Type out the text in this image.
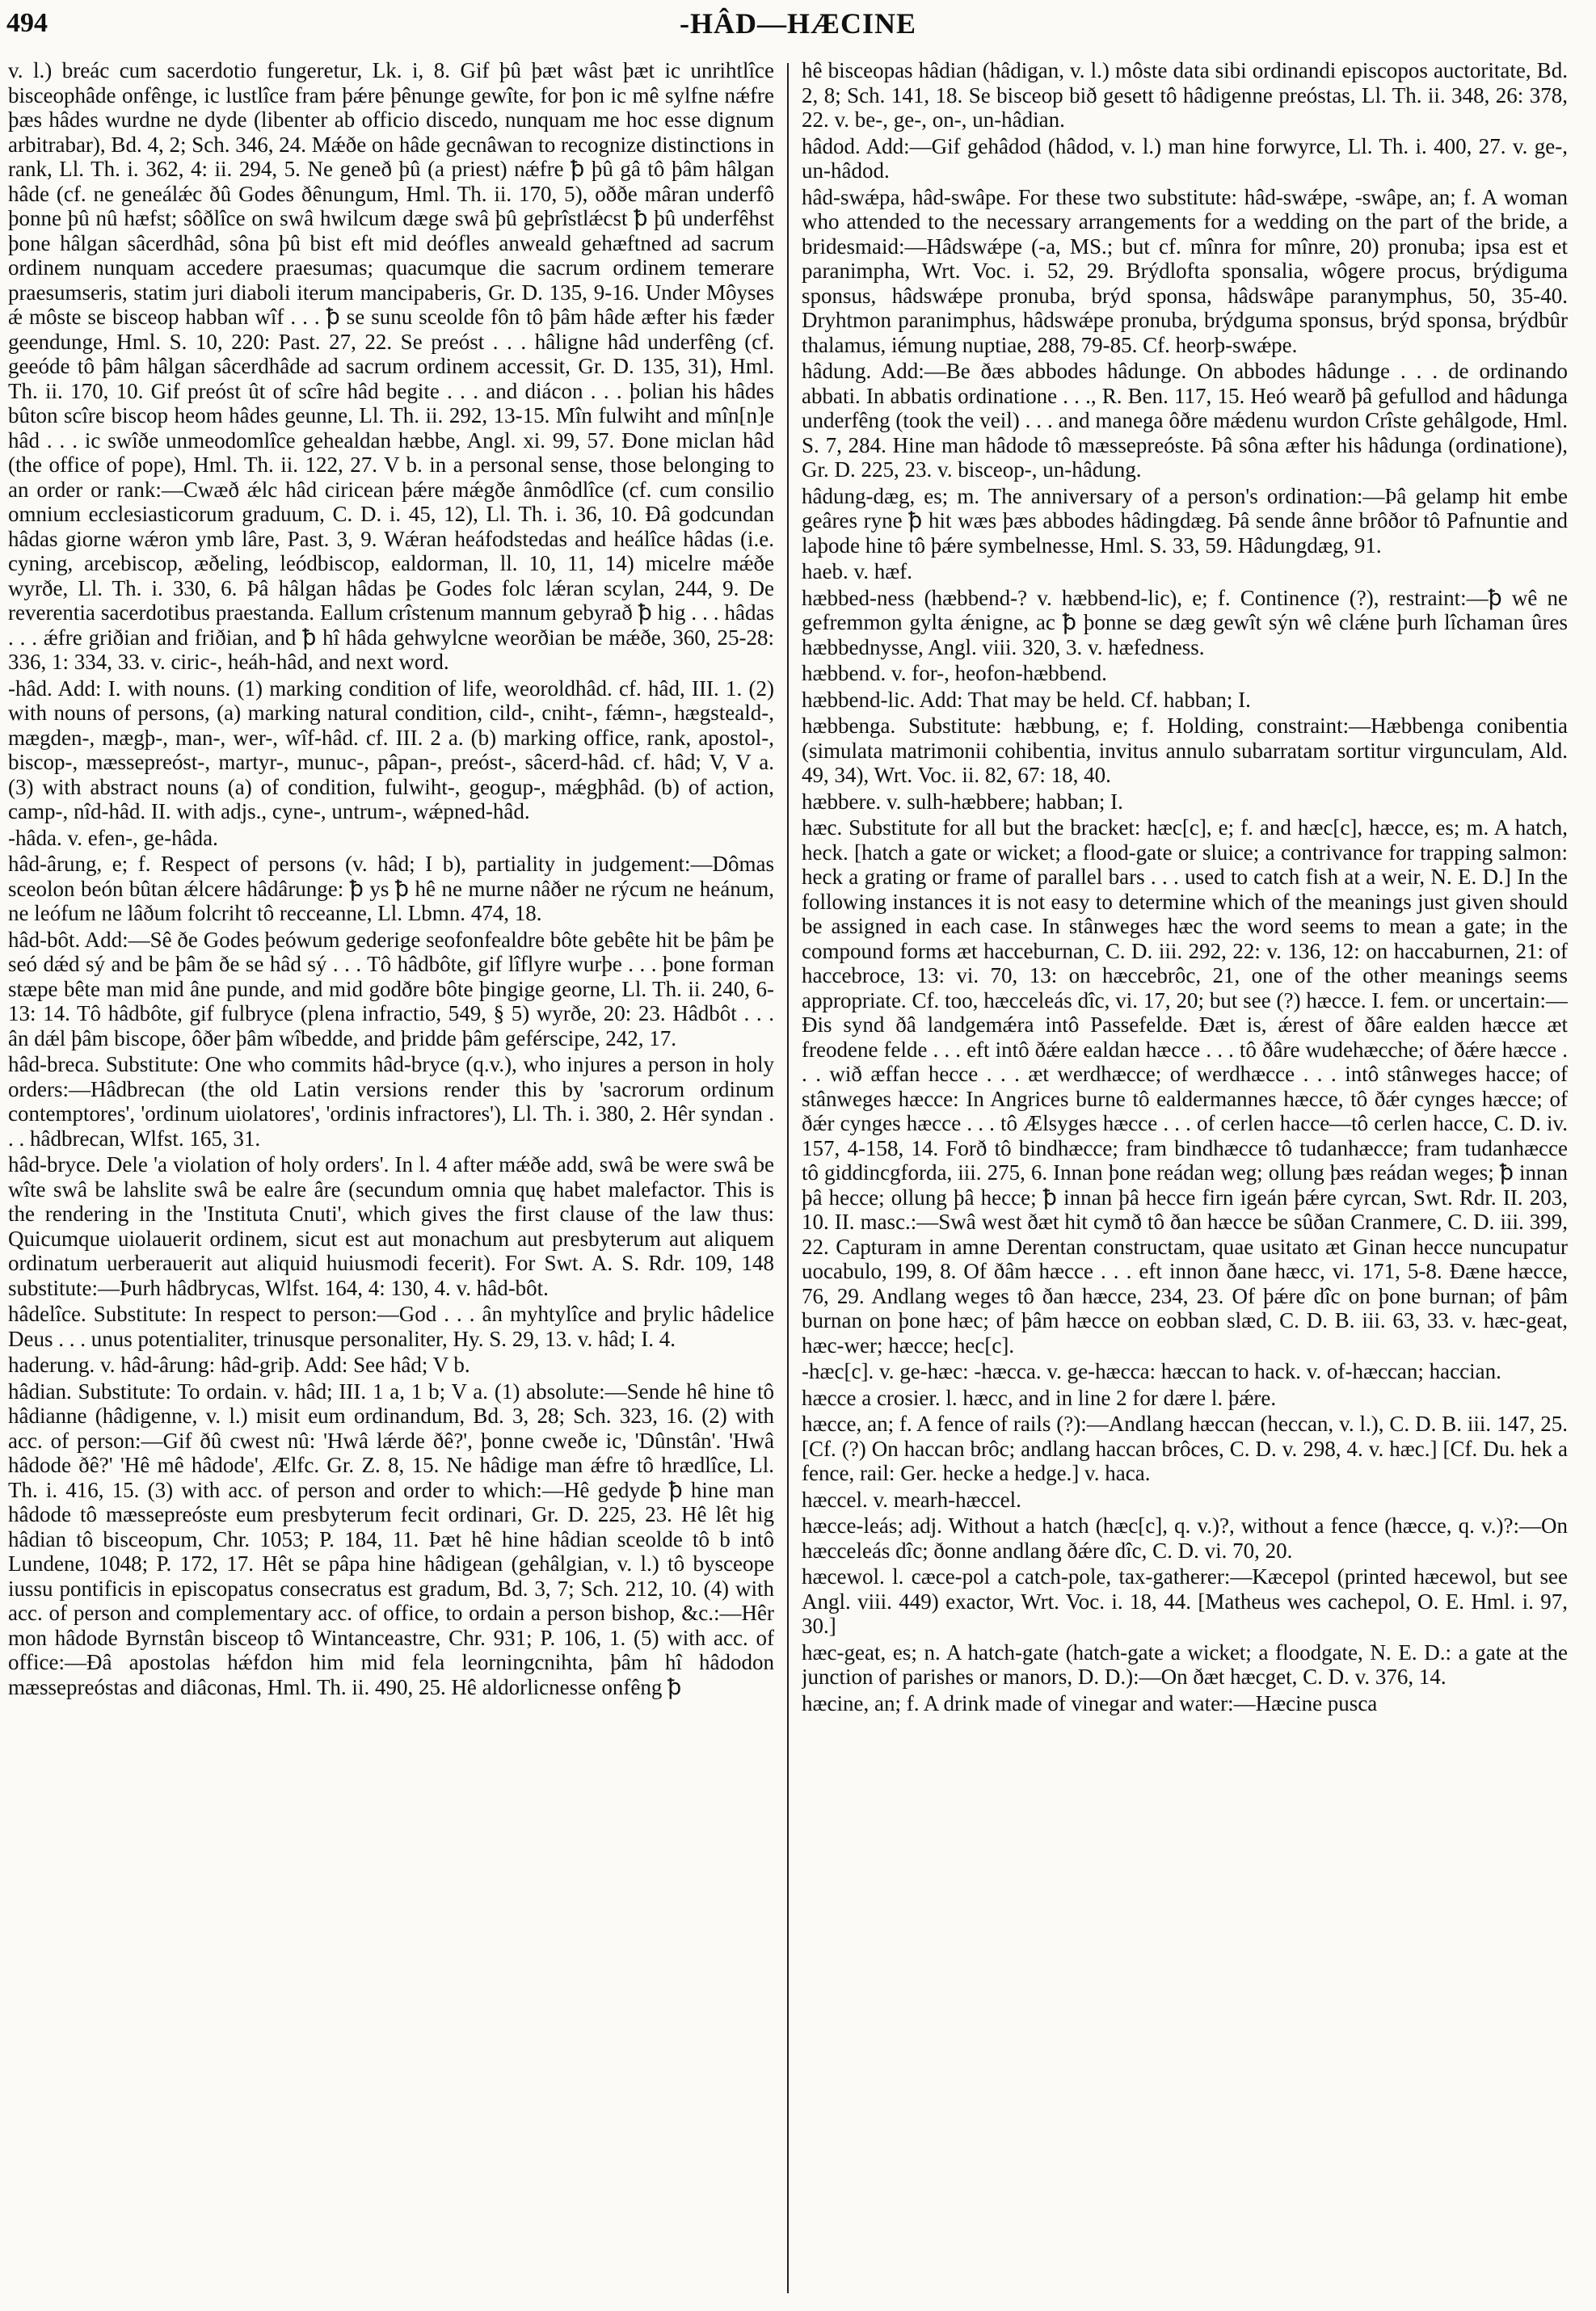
494	-HÂD—HÆCINE

v. l.) breác cum sacerdotio fungeretur, Lk. i, 8. Gif þû þæt wâst þæt ic unrihtlîce bisceophâde onfênge, ic lustlîce fram þǽre þênunge gewîte, for þon ic mê sylfne nǽfre þæs hâdes wurdne ne dyde (libenter ab officio discedo, nunquam me hoc esse dignum arbitrabar), Bd. 4, 2; Sch. 346, 24. Mǽðe on hâde gecnâwan to recognize distinctions in rank, Ll. Th. i. 362, 4: ii. 294, 5. Ne geneð þû (a priest) nǽfre ꝥ þû gâ tô þâm hâlgan hâde (cf. ne geneálǽc ðû Godes ðênungum, Hml. Th. ii. 170, 5), oððe mâran underfô þonne þû nû hæfst; sôðlîce on swâ hwilcum dæge swâ þû geþrîstlǽcst ꝥ þû underfêhst þone hâlgan sâcerdhâd, sôna þû bist eft mid deófles anweald gehæftned ad sacrum ordinem nunquam accedere praesumas; quacumque die sacrum ordinem temerare praesumseris, statim juri diaboli iterum mancipaberis, Gr. D. 135, 9-16. Under Môyses ǽ môste se bisceop habban wîf . . . ꝥ se sunu sceolde fôn tô þâm hâde æfter his fæder geendunge, Hml. S. 10, 220: Past. 27, 22. Se preóst . . . hâligne hâd underfêng (cf. geeóde tô þâm hâlgan sâcerdhâde ad sacrum ordinem accessit, Gr. D. 135, 31), Hml. Th. ii. 170, 10. Gif preóst ût of scîre hâd begite . . . and diácon . . . þolian his hâdes bûton scîre biscop heom hâdes geunne, Ll. Th. ii. 292, 13-15. Mîn fulwiht and mîn[n]e hâd . . . ic swîðe unmeodomlîce gehealdan hæbbe, Angl. xi. 99, 57. Ðone miclan hâd (the office of pope), Hml. Th. ii. 122, 27. V b. in a personal sense, those belonging to an order or rank:—Cwæð ǽlc hâd ciricean þǽre mǽgðe ânmôdlîce (cf. cum consilio omnium ecclesiasticorum graduum, C. D. i. 45, 12), Ll. Th. i. 36, 10. Ðâ godcundan hâdas giorne wǽron ymb lâre, Past. 3, 9. Wǽran heáfodstedas and heálîce hâdas (i.e. cyning, arcebiscop, æðeling, leódbiscop, ealdorman, ll. 10, 11, 14) micelre mǽðe wyrðe, Ll. Th. i. 330, 6. Þâ hâlgan hâdas þe Godes folc lǽran scylan, 244, 9. De reverentia sacerdotibus praestanda. Eallum crîstenum mannum gebyrað ꝥ hig . . . hâdas . . . ǽfre griðian and friðian, and ꝥ hî hâda gehwylcne weorðian be mǽðe, 360, 25-28: 336, 1: 334, 33. v. ciric-, heáh-hâd, and next word.

-hâd. Add: I. with nouns. (1) marking condition of life, weoroldhâd. cf. hâd, III. 1. (2) with nouns of persons, (a) marking natural condition, cild-, cniht-, fǽmn-, hægsteald-, mægden-, mægþ-, man-, wer-, wîf-hâd. cf. III. 2 a. (b) marking office, rank, apostol-, biscop-, mæssepreóst-, martyr-, munuc-, pâpan-, preóst-, sâcerd-hâd. cf. hâd; V, V a. (3) with abstract nouns (a) of condition, fulwiht-, geogup-, mǽgþhâd. (b) of action, camp-, nîd-hâd. II. with adjs., cyne-, untrum-, wǽpned-hâd.

-hâda. v. efen-, ge-hâda.

hâd-ârung, e; f. Respect of persons (v. hâd; I b), partiality in judgement:—Dômas sceolon beón bûtan ǽlcere hâdârunge: ꝥ ys ꝥ hê ne murne nâðer ne rýcum ne heánum, ne leófum ne lâðum folcriht tô recceanne, Ll. Lbmn. 474, 18.

hâd-bôt. Add:—Sê ðe Godes þeówum gederige seofonfealdre bôte gebête hit be þâm þe seó dǽd sý and be þâm ðe se hâd sý . . . Tô hâdbôte, gif lîflyre wurþe . . . þone forman stæpe bête man mid âne punde, and mid godðre bôte þingige georne, Ll. Th. ii. 240, 6-13: 14. Tô hâdbôte, gif fulbryce (plena infractio, 549, § 5) wyrðe, 20: 23. Hâdbôt . . . ân dǽl þâm biscope, ôðer þâm wîbedde, and þridde þâm geférscipe, 242, 17.

hâd-breca. Substitute: One who commits hâd-bryce (q.v.), who injures a person in holy orders:—Hâdbrecan (the old Latin versions render this by 'sacrorum ordinum contemptores', 'ordinum uiolatores', 'ordinis infractores'), Ll. Th. i. 380, 2. Hêr syndan . . . hâdbrecan, Wlfst. 165, 31.

hâd-bryce. Dele 'a violation of holy orders'. In l. 4 after mǽðe add, swâ be were swâ be wîte swâ be lahslite swâ be ealre âre (secundum omnia quę habet malefactor. This is the rendering in the 'Instituta Cnuti', which gives the first clause of the law thus: Quicumque uiolauerit ordinem, sicut est aut monachum aut presbyterum aut aliquem ordinatum uerberauerit aut aliquid huiusmodi fecerit). For Swt. A. S. Rdr. 109, 148 substitute:—Þurh hâdbrycas, Wlfst. 164, 4: 130, 4. v. hâd-bôt.

hâdelîce. Substitute: In respect to person:—God . . . ân myhtylîce and þrylic hâdelice Deus . . . unus potentialiter, trinusque personaliter, Hy. S. 29, 13. v. hâd; I. 4.

haderung. v. hâd-ârung: hâd-griþ. Add: See hâd; V b.

hâdian. Substitute: To ordain. v. hâd; III. 1 a, 1 b; V a. (1) absolute:—Sende hê hine tô hâdianne (hâdigenne, v. l.) misit eum ordinandum, Bd. 3, 28; Sch. 323, 16. (2) with acc. of person:—Gif ðû cwest nû: 'Hwâ lǽrde ðê?', þonne cweðe ic, 'Dûnstân'. 'Hwâ hâdode ðê?' 'Hê mê hâdode', Ælfc. Gr. Z. 8, 15. Ne hâdige man ǽfre tô hrædlîce, Ll. Th. i. 416, 15. (3) with acc. of person and order to which:—Hê gedyde ꝥ hine man hâdode tô mæssepreóste eum presbyterum fecit ordinari, Gr. D. 225, 23. Hê lêt hig hâdian tô bisceopum, Chr. 1053; P. 184, 11. Þæt hê hine hâdian sceolde tô b intô Lundene, 1048; P. 172, 17. Hêt se pâpa hine hâdigean (gehâlgian, v. l.) tô bysceope iussu pontificis in episcopatus consecratus est gradum, Bd. 3, 7; Sch. 212, 10. (4) with acc. of person and complementary acc. of office, to ordain a person bishop, &c.:—Hêr mon hâdode Byrnstân bisceop tô Wintanceastre, Chr. 931; P. 106, 1. (5) with acc. of office:—Ðâ apostolas hǽfdon him mid fela leorningcnihta, þâm hî hâdodon mæssepreóstas and diâconas, Hml. Th. ii. 490, 25. Hê aldorlicnesse onfêng ꝥ

hê bisceopas hâdian (hâdigan, v. l.) môste data sibi ordinandi episcopos auctoritate, Bd. 2, 8; Sch. 141, 18. Se bisceop bið gesett tô hâdigenne preóstas, Ll. Th. ii. 348, 26: 378, 22. v. be-, ge-, on-, un-hâdian.

hâdod. Add:—Gif gehâdod (hâdod, v. l.) man hine forwyrce, Ll. Th. i. 400, 27. v. ge-, un-hâdod.

hâd-swǽpa, hâd-swâpe. For these two substitute: hâd-swǽpe, -swâpe, an; f. A woman who attended to the necessary arrangements for a wedding on the part of the bride, a bridesmaid:—Hâdswǽpe (-a, MS.; but cf. mînra for mînre, 20) pronuba; ipsa est et paranimpha, Wrt. Voc. i. 52, 29. Brýdlofta sponsalia, wôgere procus, brýdiguma sponsus, hâdswǽpe pronuba, brýd sponsa, hâdswâpe paranymphus, 50, 35-40. Dryhtmon paranimphus, hâdswǽpe pronuba, brýdguma sponsus, brýd sponsa, brýdbûr thalamus, iémung nuptiae, 288, 79-85. Cf. heorþ-swǽpe.

hâdung. Add:—Be ðæs abbodes hâdunge. On abbodes hâdunge . . . de ordinando abbati. In abbatis ordinatione . . ., R. Ben. 117, 15. Heó wearð þâ gefullod and hâdunga underfêng (took the veil) . . . and manega ôðre mǽdenu wurdon Crîste gehâlgode, Hml. S. 7, 284. Hine man hâdode tô mæssepreóste. Þâ sôna æfter his hâdunga (ordinatione), Gr. D. 225, 23. v. bisceop-, un-hâdung.

hâdung-dæg, es; m. The anniversary of a person's ordination:—Þâ gelamp hit embe geâres ryne ꝥ hit wæs þæs abbodes hâdingdæg. Þâ sende ânne brôðor tô Pafnuntie and laþode hine tô þǽre symbelnesse, Hml. S. 33, 59. Hâdungdæg, 91.

haeb. v. hæf.

hæbbed-ness (hæbbend-? v. hæbbend-lic), e; f. Continence (?), restraint:—ꝥ wê ne gefremmon gylta ǽnigne, ac ꝥ þonne se dæg gewît sýn wê clǽne þurh lîchaman ûres hæbbednysse, Angl. viii. 320, 3. v. hæfedness.

hæbbend. v. for-, heofon-hæbbend.

hæbbend-lic. Add: That may be held. Cf. habban; I.

hæbbenga. Substitute: hæbbung, e; f. Holding, constraint:—Hæbbenga conibentia (simulata matrimonii cohibentia, invitus annulo subarratam sortitur virgunculam, Ald. 49, 34), Wrt. Voc. ii. 82, 67: 18, 40.

hæbbere. v. sulh-hæbbere; habban; I.

hæc. Substitute for all but the bracket: hæc[c], e; f. and hæc[c], hæcce, es; m. A hatch, heck. [hatch a gate or wicket; a flood-gate or sluice; a contrivance for trapping salmon: heck a grating or frame of parallel bars . . . used to catch fish at a weir, N. E. D.] In the following instances it is not easy to determine which of the meanings just given should be assigned in each case. In stânweges hæc the word seems to mean a gate; in the compound forms æt hacceburnan, C. D. iii. 292, 22: v. 136, 12: on haccaburnen, 21: of haccebroce, 13: vi. 70, 13: on hæccebrôc, 21, one of the other meanings seems appropriate. Cf. too, hæcceleás dîc, vi. 17, 20; but see (?) hæcce. I. fem. or uncertain:—Ðis synd ðâ landgemǽra intô Passefelde. Ðæt is, ǽrest of ðâre ealden hæcce æt freodene felde . . . eft intô ðǽre ealdan hæcce . . . tô ðâre wudehæcche; of ðǽre hæcce . . . wið æffan hecce . . . æt werdhæcce; of werdhæcce . . . intô stânweges hacce; of stânweges hæcce: In Angrices burne tô ealdermannes hæcce, tô ðǽr cynges hæcce; of ðǽr cynges hæcce . . . tô Ælsyges hæcce . . . of cerlen hacce—tô cerlen hacce, C. D. iv. 157, 4-158, 14. Forð tô bindhæcce; fram bindhæcce tô tudanhæcce; fram tudanhæcce tô giddincgforda, iii. 275, 6. Innan þone reádan weg; ollung þæs reádan weges; ꝥ innan þâ hecce; ollung þâ hecce; ꝥ innan þâ hecce firn igeán þǽre cyrcan, Swt. Rdr. II. 203, 10. II. masc.:—Swâ west ðæt hit cymð tô ðan hæcce be sûðan Cranmere, C. D. iii. 399, 22. Capturam in amne Derentan constructam, quae usitato æt Ginan hecce nuncupatur uocabulo, 199, 8. Of ðâm hæcce . . . eft innon ðane hæcc, vi. 171, 5-8. Ðæne hæcce, 76, 29. Andlang weges tô ðan hæcce, 234, 23. Of þǽre dîc on þone burnan; of þâm burnan on þone hæc; of þâm hæcce on eobban slæd, C. D. B. iii. 63, 33. v. hæc-geat, hæc-wer; hæcce; hec[c].

-hæc[c]. v. ge-hæc: -hæcca. v. ge-hæcca: hæccan to hack. v. of-hæccan; haccian.

hæcce a crosier. l. hæcc, and in line 2 for dære l. þǽre.

hæcce, an; f. A fence of rails (?):—Andlang hæccan (heccan, v. l.), C. D. B. iii. 147, 25. [Cf. (?) On haccan brôc; andlang haccan brôces, C. D. v. 298, 4. v. hæc.] [Cf. Du. hek a fence, rail: Ger. hecke a hedge.] v. haca.

hæccel. v. mearh-hæccel.

hæcce-leás; adj. Without a hatch (hæc[c], q. v.)?, without a fence (hæcce, q. v.)?:—On hæcceleás dîc; ðonne andlang ðǽre dîc, C. D. vi. 70, 20.

hæcewol. l. cæce-pol a catch-pole, tax-gatherer:—Kæcepol (printed hæcewol, but see Angl. viii. 449) exactor, Wrt. Voc. i. 18, 44. [Matheus wes cachepol, O. E. Hml. i. 97, 30.]

hæc-geat, es; n. A hatch-gate (hatch-gate a wicket; a floodgate, N. E. D.: a gate at the junction of parishes or manors, D. D.):—On ðæt hæcget, C. D. v. 376, 14.

hæcine, an; f. A drink made of vinegar and water:—Hæcine pusca
